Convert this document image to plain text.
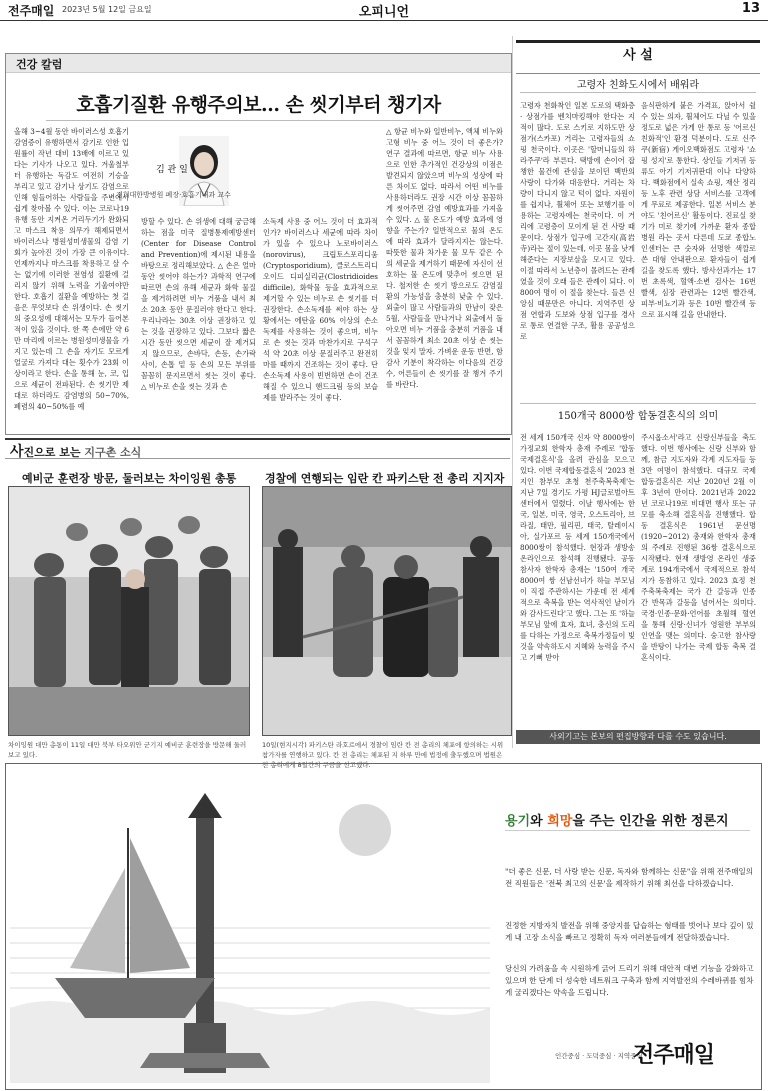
전주매일 2023년 5월 12일 금요일	오피니언	13
건강 칼럼
호흡기질환 유행주의보… 손 씻기부터 챙기자
올해 3~4월 동안 바이러스성 호흡기감염증이 유행하면서 감기로 인한 입원률이 작년 대비 13배에 이르고 있다는 기사가 나오고 있다. 겨울철부터 유행하는 독감도 여전히 기승을 부리고 있고 감기나 상기도 감염으로 인해 힘들어하는 사람들을 주변에서 쉽게 찾아볼 수 있다. 이는 코로나19 유행 동안 지켜온 거리두기가 완화되고 마스크 착용 의무가 해제되면서 바이러스나 병원성미생물의 감염 기회가 높아진 것이 가장 큰 이유이다. 언제까지나 마스크를 착용하고 살 수는 없기에 이러한 전염성 질환에 걸리지 않기 위해 노력을 기울여야만 한다. 호흡기 질환을 예방하는 첫 걸음은 무엇보다 손 위생이다. 손 씻기의 중요성에 대해서는 모두가 들어본 적이 있을 것이다. 한 쪽 손에만 약 6만 마리에 이르는 병원성미생물을 가지고 있는데 그 손을 자기도 모르게 얼굴로 가져다 대는 횟수가 23회 이상이라고 한다. 손을 통해 눈, 코, 입으로 세균이 전파된다. 손 씻기만 제대로 하더라도 감염병의 50~70%, 폐렴의 40~50%를 예
김 관 일
경희대한방병원 폐장·호흡기내과 교수
방할 수 있다. 손 위생에 대해 궁금해 하는 점을 미국 질병통제예방센터(Center for Disease Control and Prevention)에 제시된 내용을 바탕으로 정리해보았다. △ 손은 얼마 동안 씻어야 하는가? 과학적 연구에 따르면 손의 유해 세균과 화학 물질을 제거하려면 비누 거품을 내서 최소 20초 동안 문질러야 한다고 한다. 우리나라는 30초 이상 권장하고 있는 것을 권장하고 있다. 그보다 짧은 시간 동안 씻으면 세균이 잘 제거되지 않으므로, 손바닥, 손등, 손가락 사이, 손톱 밑 등 손의 모든 부위를 꼼꼼히 문지르면서 씻는 것이 좋다. △ 비누로 손을 씻는 것과 손
소독제 사용 중 어느 것이 더 효과적인가? 바이러스나 세균에 따라 차이가 있을 수 있으나 노로바이러스(norovirus), 크립토스포리디움(Cryptosporidium), 클로스트리디오이드 디피실리균(Clostridioides difficile), 화학물 등을 효과적으로 제거할 수 있는 비누로 손 씻기를 더 권장한다. 손소독제를 써야 하는 상황에서는 에탄올 60% 이상의 손소독제를 사용하는 것이 좋으며, 비누로 손 씻는 것과 마찬가지로 구석구석 약 20초 이상 문질러주고 완전히 마를 때까지 건조하는 것이 좋다. 단 손소독제 사용이 빈번하면 손이 건조해질 수 있으니 핸드크림 등의 보습제를 발라주는 것이 좋다.
△ 항균 비누와 일반비누, 액체 비누와 고형 비누 중 어느 것이 더 좋은가? 연구 결과에 따르면, 항균 비누 사용으로 인한 추가적인 건강상의 이점은 발견되지 않았으며 비누의 성상에 따른 차이도 없다. 따라서 어떤 비누를 사용하더라도 권장 시간 이상 꼼꼼하게 씻어주면 감염 예방효과를 가져올 수 있다. △ 물 온도가 예방 효과에 영향을 주는가? 일반적으로 물의 온도에 따라 효과가 달라지지는 않는다. 따뜻한 물과 차가운 물 모두 같은 수의 세균을 제거하기 때문에 자신이 선호하는 물 온도에 맞추어 씻으면 된다. 철저한 손 씻기 방으로도 감염질환의 가능성을 충분히 낮출 수 있다. 외출이 많고 사람들과의 만남이 잦은 5월, 사람들을 만나거나 외출에서 돌아오면 비누 거품을 충분히 거품을 내서 꼼꼼하게 최소 20초 이상 손 씻는 것을 잊지 말자. 가벼운 운동 반면, 함 감사 기분이 착각하는 이다음의 건강 수, 어른들이 손 씻기를 잘 챙겨 주기를 바란다.
사진으로 보는 지구촌 소식
예비군 훈련장 방문, 둘러보는 차이잉원 총통	경찰에 연행되는 임란 칸 파키스탄 전 총리 지지자
차이잉원 대만 총통이 11일 대만 북부 타오위안 군기지 예비군 훈련장을 방문해 둘러보고 있다.
10일(현지시각) 파키스탄 라호르에서 경찰이 임란 칸 전 총리의 체포에 항의하는 시위 참가자를 연행하고 있다. 칸 전 총리는 체포된 지 하루 만에 법정에 출두했으며 법원은 전 총리에게 8일간의 구금을 선고했다.
사 설
고령자 친화도시에서 배워라
고령자 천화착인 일본 도로의 택화층 · 상점가를 벤치마킹해야 한다는 지적이 많다. 도로 스키로 지하도만 상점가(스카포) 거리는 고령자들의 쇼핑 천국이다. 이곳은 '할머니들의 하라주쿠'라 부른다. 택방에 손이어 잡챙한 물건에 관심을 보이던 백반의 사랑이 다가와 대응한다. 거리는 차량이 다니지 않고 턱이 없다. 자원이를 쉽지나, 휠체어 또는 보행기를 이용하는 고령자에는 천국이다. 이 거리에 고령층이 모이게 된 건 사랑 때문이다. 상점가 입구에 고간지(高岩寺)라는 절이 있는데, 이곳 몸을 낫게 해준다는 지장보살을 모시고 있다. 이절 따라서 노년층이 몰려드는 관례였을 것이 오래 들은 관례이 되다. 이 800여 명이 이 절을 찾는다. 들른 신앙심 때문만은 아니다. 지역주민 상점 연합과 도보와 상점 입구를 경사로 통로 연결한 구조, 활용 공공성으로
음식판하게 붙은 가격표, 앉아서 쉴 수 있는 의자, 휠체어도 다닐 수 있을 정도로 넓은 가게 안 통로 등 '어르신 친화적'인 환경 덕분이다. 도로 신주쿠(新宿) 게이오백화점도 고령자 '쇼핑 성지'로 통한다. 상인들 기저귀 등 류도 아기 기저귀판대 이나 다양하다. 백화점에서 실속 쇼핑, 재산 정리 등 노후 관련 상담 서비스를 고객에게 무료로 제공한다. 일본 서비스 분야도 '친어르신' 활동이다. 진료실 찾기가 미로 찾기에 가까운 환자 종합병원 라는 곳서 다른데 도쿄 종합노인센터는 큰 숫자와 선명한 색깔로 쓴 대형 안내판으로 환자들이 쉽게 길을 찾도록 했다. 방사선과가는 17번 초록색, 혈액·소변 검사는 16번 빨색, 심장 관련과는 12번 빨간색, 피부·비뇨기과 등은 10번 빨간색 등으로 표시해 길을 안내한다.
150개국 8000쌍 합동결혼식의 의미
전 세계 150개국 신자 약 8000쌍이 가정교회 한학자 총재 주례로 '합동 국제결혼식'을 올려 관심을 모으고 있다. 이번 국제합동결혼식 '2023 천지인 참부모 초청 천주축복축제'는 지난 7일 경기도 가평 HJ글로벌아트센터에서 열렸다. 이날 행사에는 한국, 일본, 미국, 영국, 오스트리아, 브라질, 태만, 필리핀, 태국, 탈레이시아, 실가포르 등 세계 150개국에서 8000쌍이 참석했다. 현장과 생방송 온라인으로 참석해 진행됐다. 공동 참사자 한학자 총재는 '150여 개국 8000여 쌍 선남선녀가 하늘 부모님이 직접 주관하시는 가운데 전 세계적으로 축복을 받는 역사적인 날이가와 감사드린다'고 했다. 그는 또 '하늘 부모님 앞에 효자, 효녀, 충신의 도리를 다하는 가정으로 축복가정들이 빛 것을 약속하도시 지혜와 능력을 주시고 기뻐 받아
주시옵소서'라고 신랑신부들을 축도했다. 이번 행사에는 신랑 신부와 함께, 참금 지도자와 각계 지도자들 등 3만 여명이 참석했다. 대규모 국제 합동결혼식은 지난 2020년 2월 이후 3년여 만이다. 2021년과 2022년 코로나19로 비대면 행사 또는 규모를 축소해 결혼식을 진행했다. 합동 결혼식은 1961년 문선명(1920~2012) 총재와 한학자 총재의 주례로 진행된 36쌍 결혼식으로 시작됐다. 현재 생방영 온라인 생중계로 194개국에서 국제적으로 참석지가 동참하고 있다. 2023 효정 천주축복축제는 국가 간 갈등과 인종 간 반목과 갈등을 넘어서는 의미다. 국경·인종·문화·언어를 초월해 혈연을 통해 신랑·신녀가 영원한 부부의 인연을 맺는 의미다. 숭고한 참사랑을 반탕이 나가는 국제 합동 축복 결혼식이다.
사외기고는 본보의 편집방향과 다를 수도 있습니다.
용기와 희망을 주는 인간을 위한 정론지
"더 좋은 신문, 더 사랑 받는 신문, 독자와 함께하는 신문"을 위해 전주매일의 전 직원들은 '전북 최고의 신문'을 제작하기 위해 최선을 다하겠습니다.
진정한 지방자치 발전을 위해 중앙지를 답습하는 형태를 벗어나 보다 깊이 있게 내 고장 소식을 빠르고 정확히 독자 여러분들에게 전달하겠습니다.
당신의 가려움을 속 시원하게 긁어 드리기 위해 대안적 대변 기능을 강화하고 있으며 한 단계 더 성숙한 네트워크 구축과 함께 지역발전의 수레바퀴를 힘차게 굴리겠다는 약속을 드립니다.
인간중심 · 도덕중심 · 지역중심
전주매일
